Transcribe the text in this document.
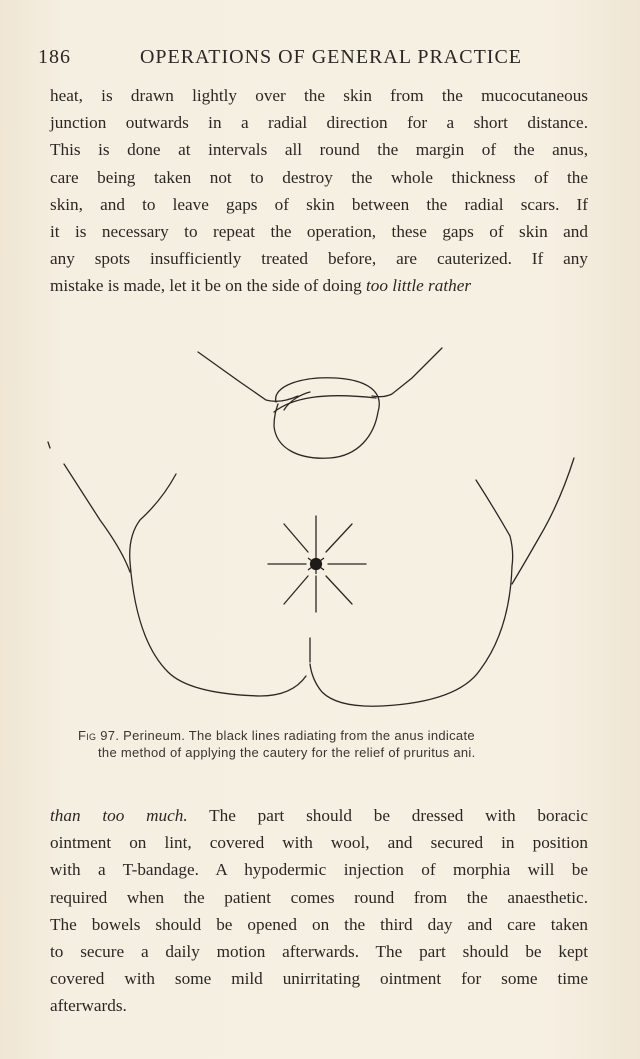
186	OPERATIONS OF GENERAL PRACTICE
heat, is drawn lightly over the skin from the mucocutaneous
junction outwards in a radial direction for a short distance.
This is done at intervals all round the margin of the anus,
care being taken not to destroy the whole thickness of the
skin, and to leave gaps of skin between the radial scars. If
it is necessary to repeat the operation, these gaps of skin and
any spots insufficiently treated before, are cauterized. If any
mistake is made, let it be on the side of doing too little rather
Fig 97. Perineum. The black lines radiating from the anus indicate
the method of applying the cautery for the relief of pruritus ani.
than too much. The part should be dressed with boracic
ointment on lint, covered with wool, and secured in position
with a T-bandage. A hypodermic injection of morphia will be
required when the patient comes round from the anaesthetic.
The bowels should be opened on the third day and care taken
to secure a daily motion afterwards. The part should be kept
covered with some mild unirritating ointment for some time
afterwards.
